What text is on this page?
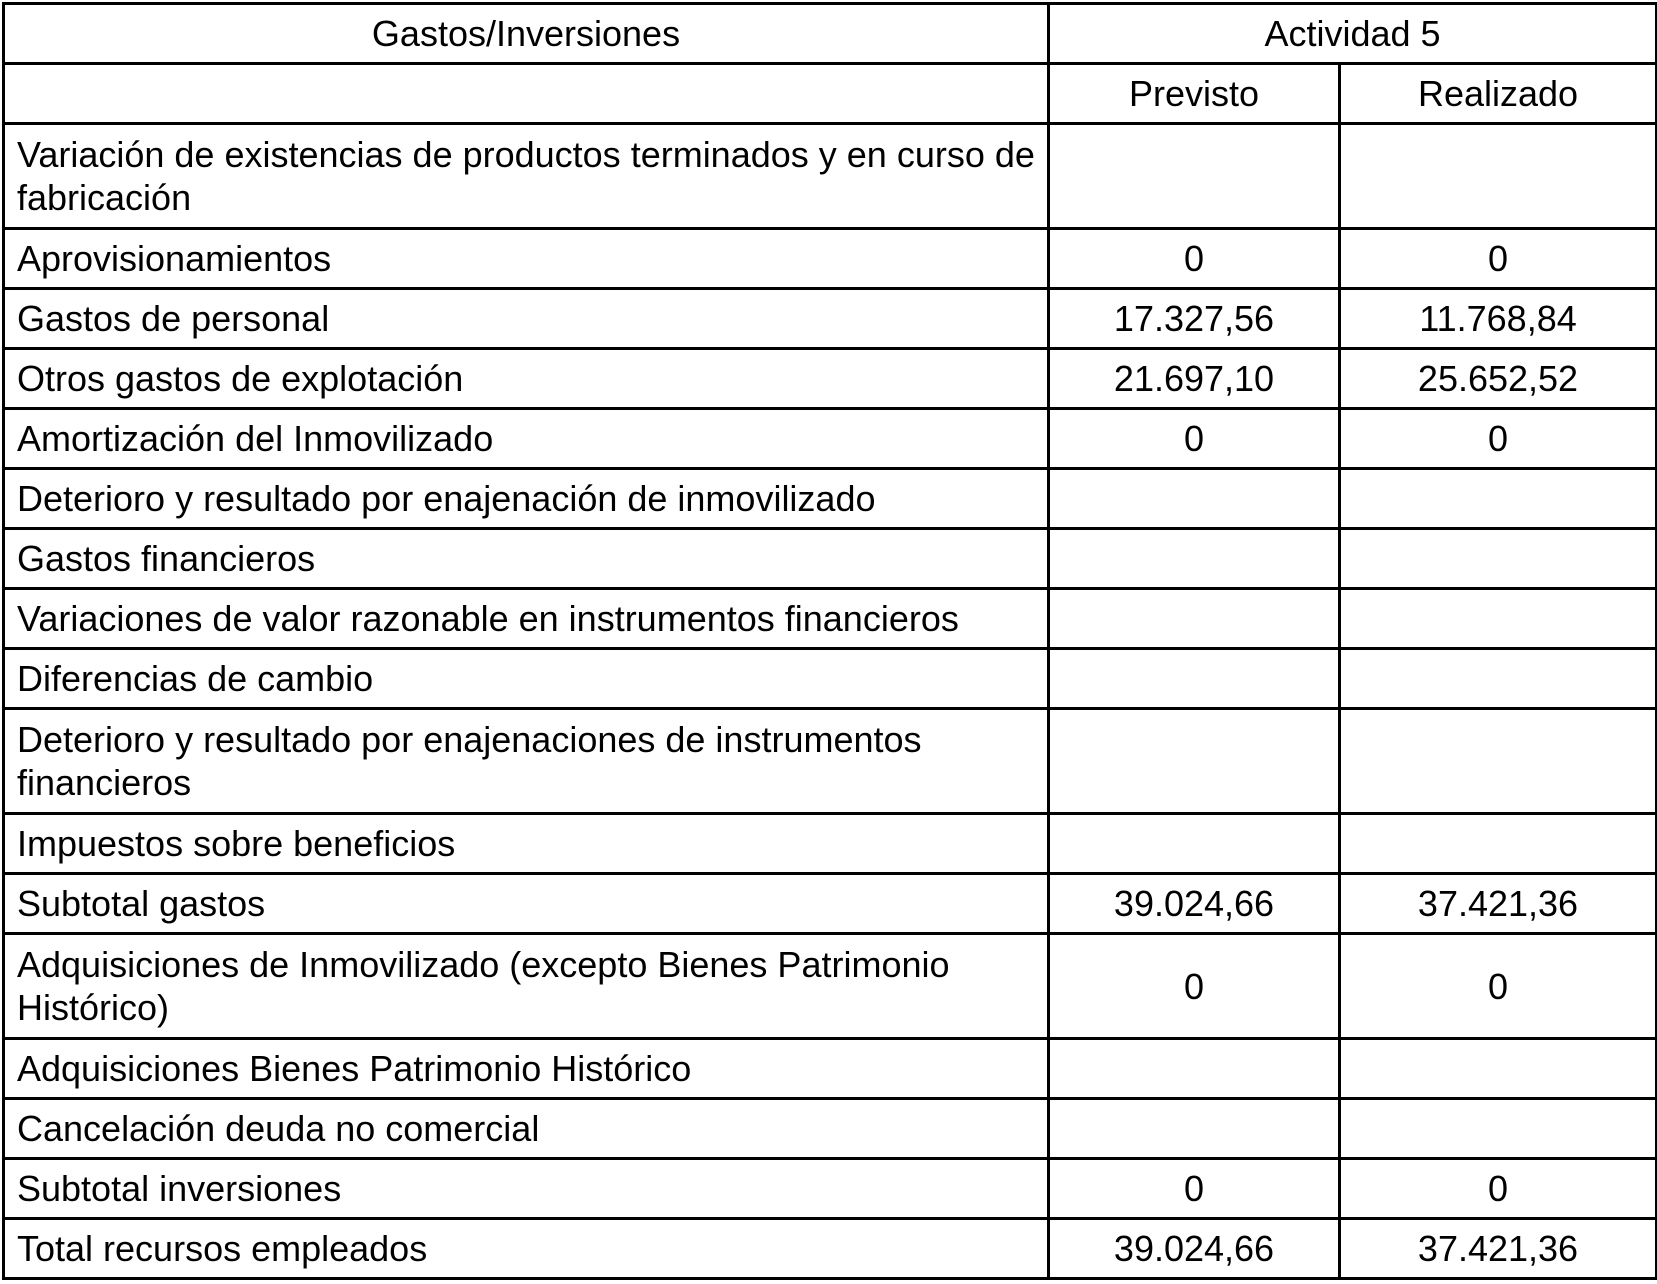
Gastos/Inversiones	Actividad 5	
	Previsto	Realizado
Variación de existencias de productos terminados y en curso de fabricación		
Aprovisionamientos	0	0
Gastos de personal	17.327,56	11.768,84
Otros gastos de explotación	21.697,10	25.652,52
Amortización del Inmovilizado	0	0
Deterioro y resultado por enajenación de inmovilizado		
Gastos financieros		
Variaciones de valor razonable en instrumentos financieros		
Diferencias de cambio		
Deterioro y resultado por enajenaciones de instrumentos financieros		
Impuestos sobre beneficios		
Subtotal gastos	39.024,66	37.421,36
Adquisiciones de Inmovilizado (excepto Bienes Patrimonio Histórico)	0	0
Adquisiciones Bienes Patrimonio Histórico		
Cancelación deuda no comercial		
Subtotal inversiones	0	0
Total recursos empleados	39.024,66	37.421,36
